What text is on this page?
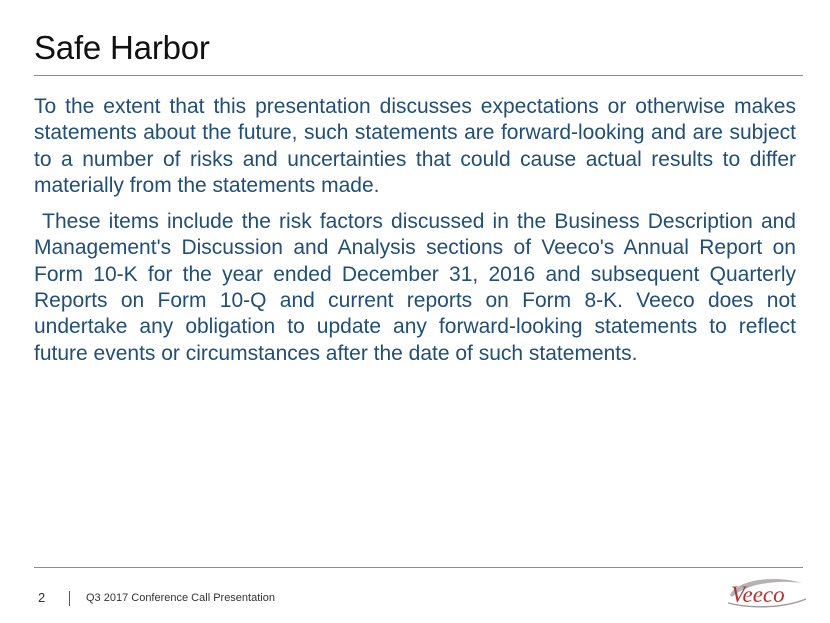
Safe Harbor

To the extent that this presentation discusses expectations or otherwise makes statements about the future, such statements are forward-looking and are subject to a number of risks and uncertainties that could cause actual results to differ materially from the statements made.

These items include the risk factors discussed in the Business Description and Management's Discussion and Analysis sections of Veeco's Annual Report on Form 10-K for the year ended December 31, 2016 and subsequent Quarterly Reports on Form 10-Q and current reports on Form 8-K. Veeco does not undertake any obligation to update any forward-looking statements to reflect future events or circumstances after the date of such statements.

2	Q3 2017 Conference Call Presentation	Veeco
